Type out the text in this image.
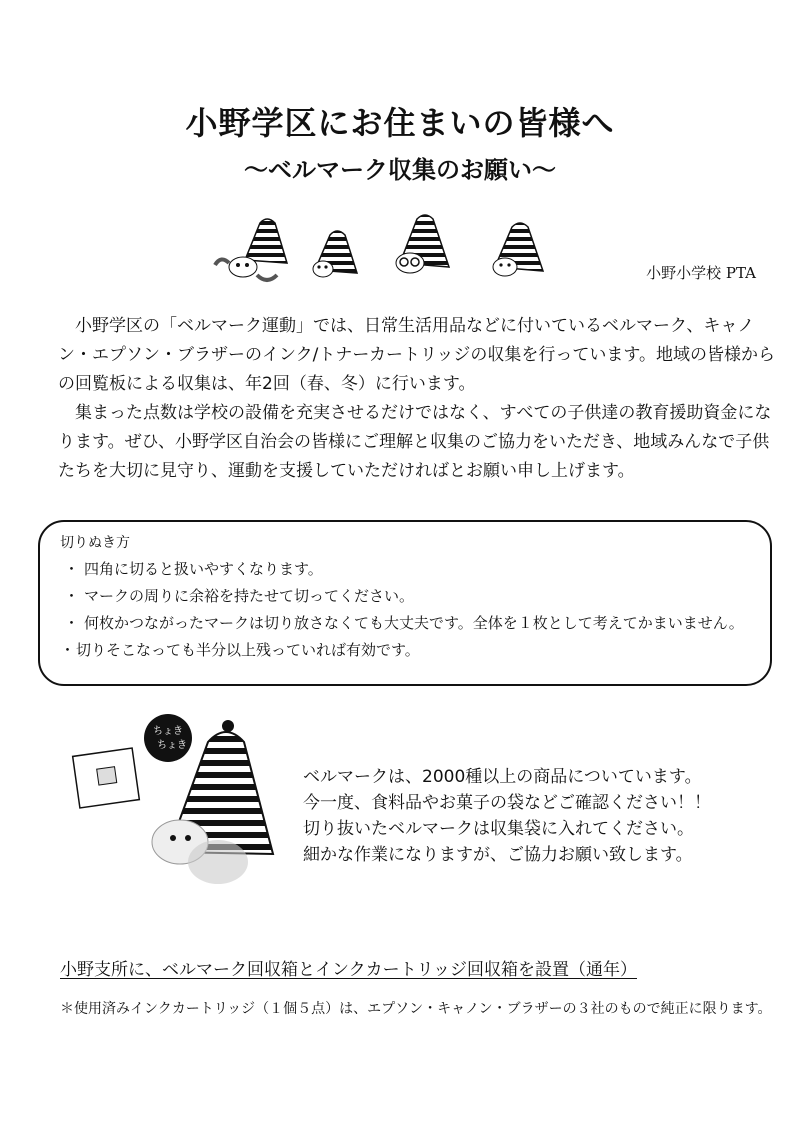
小野学区にお住まいの皆様へ
〜ベルマーク収集のお願い〜
小野小学校 PTA

小野学区の「ベルマーク運動」では、日常生活用品などに付いているベルマーク、キャノン・エプソン・ブラザーのインク/トナーカートリッジの収集を行っています。地域の皆様からの回覧板による収集は、年2回（春、冬）に行います。

集まった点数は学校の設備を充実させるだけではなく、すべての子供達の教育援助資金になります。ぜひ、小野学区自治会の皆様にご理解と収集のご協力をいただき、地域みんなで子供たちを大切に見守り、運動を支援していただければとお願い申し上げます。

切りぬき方
・ 四角に切ると扱いやすくなります。
・ マークの周りに余裕を持たせて切ってください。
・ 何枚かつながったマークは切り放さなくても大丈夫です。全体を１枚として考えてかまいません。
・ 切りそこなっても半分以上残っていれば有効です。
ちょき
ちょき

ベルマークは、2000種以上の商品についています。

今一度、食料品やお菓子の袋などご確認ください！！

切り抜いたベルマークは収集袋に入れてください。

細かな作業になりますが、ご協力お願い致します。

小野支所に、ベルマーク回収箱とインクカートリッジ回収箱を設置（通年）

＊使用済みインクカートリッジ（１個５点）は、エプソン・キャノン・ブラザーの３社のもので純正に限ります。
